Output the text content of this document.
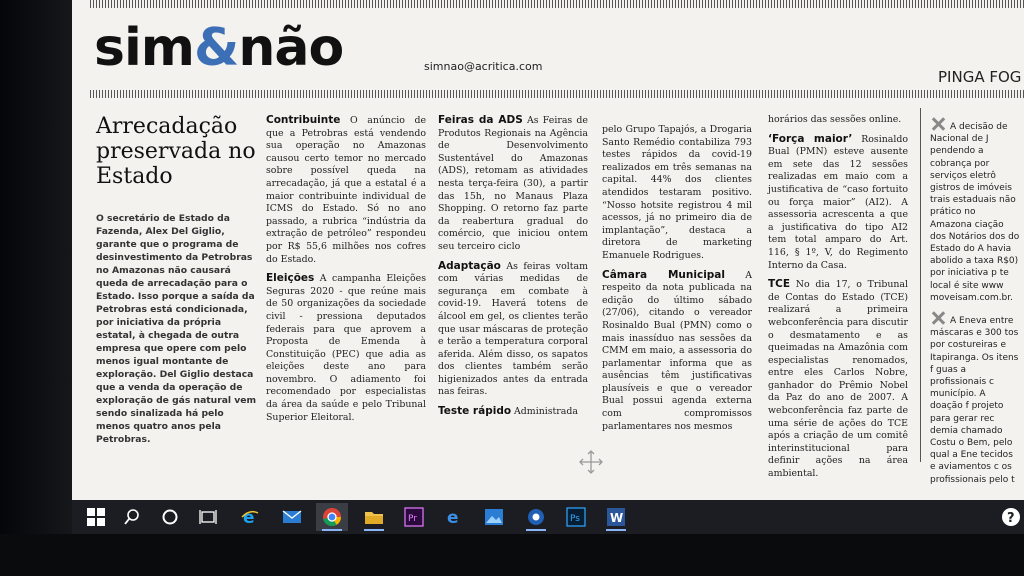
sim&não	simnao@acritica.com
PINGA FOG
Arrecadação preservada no Estado
O secretário de Estado da Fazenda, Alex Del Giglio, garante que o programa de desinvestimento da Petrobras no Amazonas não causará queda de arrecadação para o Estado. Isso porque a saída da Petrobras está condicionada, por iniciativa da própria estatal, à chegada de outra empresa que opere com pelo menos igual montante de exploração. Del Giglio destaca que a venda da operação de exploração de gás natural vem sendo sinalizada há pelo menos quatro anos pela Petrobras.

Contribuinte O anúncio de que a Petrobras está vendendo sua operação no Amazonas causou certo temor no mercado sobre possível queda na arrecadação, já que a estatal é a maior contribuinte individual de ICMS do Estado. Só no ano passado, a rubrica “indústria da extração de petróleo” respondeu por R$ 55,6 milhões nos cofres do Estado.

Eleições A campanha Eleições Seguras 2020 - que reúne mais de 50 organizações da sociedade civil - pressiona deputados federais para que aprovem a Proposta de Emenda à Constituição (PEC) que adia as eleições deste ano para novembro. O adiamento foi recomendado por especialistas da área da saúde e pelo Tribunal Superior Eleitoral.

Feiras da ADS As Feiras de Produtos Regionais na Agência de Desenvolvimento Sustentável do Amazonas (ADS), retomam as atividades nesta terça-feira (30), a partir das 15h, no Manaus Plaza Shopping. O retorno faz parte da reabertura gradual do comércio, que iniciou ontem seu terceiro ciclo

Adaptação As feiras voltam com várias medidas de segurança em combate à covid-19. Haverá totens de álcool em gel, os clientes terão que usar máscaras de proteção e terão a temperatura corporal aferida. Além disso, os sapatos dos clientes também serão higienizados antes da entrada nas feiras.

Teste rápido Administrada

pelo Grupo Tapajós, a Drogaria Santo Remédio contabiliza 793 testes rápidos da covid-19 realizados em três semanas na capital. 44% dos clientes atendidos testaram positivo. “Nosso hotsite registrou 4 mil acessos, já no primeiro dia de implantação”, destaca a diretora de marketing Emanuele Rodrigues.

Câmara Municipal A respeito da nota publicada na edição do último sábado (27/06), citando o vereador Rosinaldo Bual (PMN) como o mais inassíduo nas sessões da CMM em maio, a assessoria do parlamentar informa que as ausências têm justificativas plausíveis e que o vereador Bual possui agenda externa com compromissos parlamentares nos mesmos

horários das sessões online.

‘Força maior’ Rosinaldo Bual (PMN) esteve ausente em sete das 12 sessões realizadas em maio com a justificativa de “caso fortuito ou força maior” (AI2). A assessoria acrescenta a que a justificativa do tipo AI2 tem total amparo do Art. 116, § 1º, V, do Regimento Interno da Casa.

TCE No dia 17, o Tribunal de Contas do Estado (TCE) realizará a primeira webconferência para discutir o desmatamento e as queimadas na Amazônia com especialistas renomados, entre eles Carlos Nobre, ganhador do Prêmio Nobel da Paz do ano de 2007. A webconferência faz parte de uma série de ações do TCE após a criação de um comitê interinstitucional para definir ações na área ambiental.

A decisão de Nacional de J pendendo a cobrança por serviços eletrô gistros de imóveis trais estaduais não prático no Amazona ciação dos Notários dos do Estado do A havia abolido a taxa R$0) por iniciativa p te local é site www moveisam.com.br.

A Eneva entre máscaras e 300 tos por costureiras e Itapiranga. Os itens f guas a profissionais c município. A doação f projeto para gerar rec demia chamado Costu o Bem, pelo qual a Ene tecidos e aviamentos c os profissionais pelo t

e	Pr e	Ps	W	?
